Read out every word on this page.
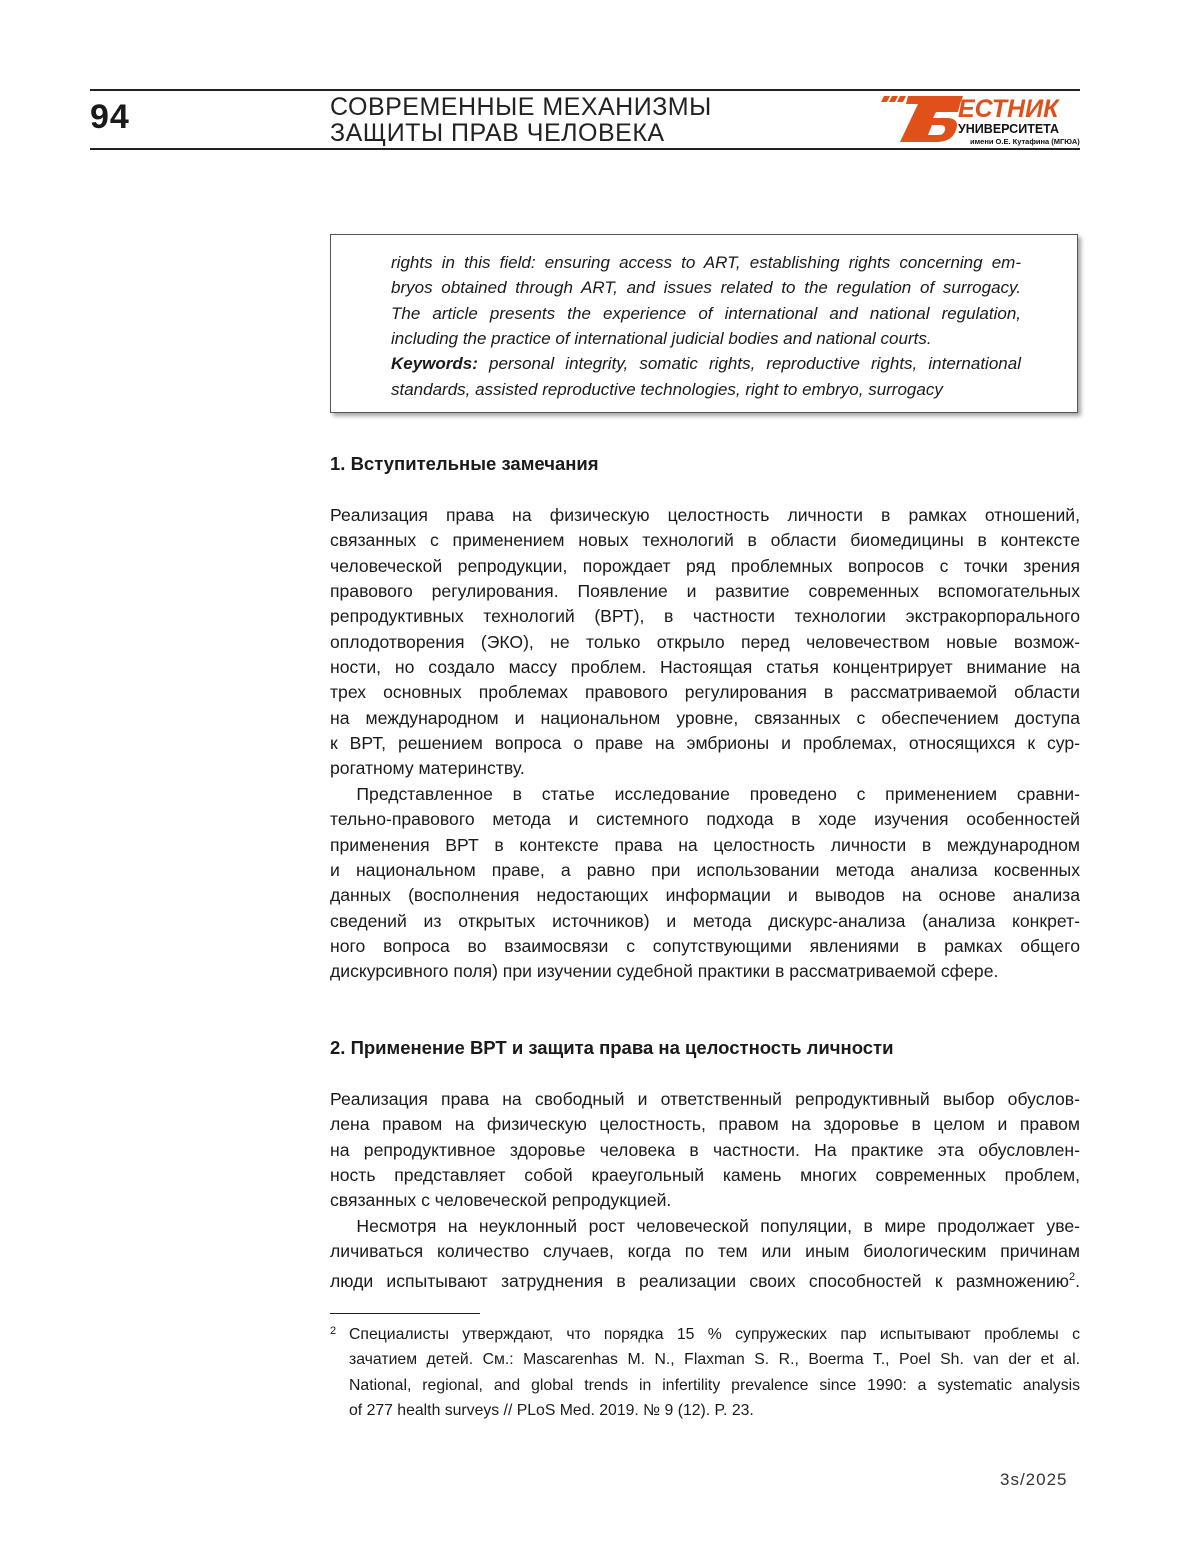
94	СОВРЕМЕННЫЕ МЕХАНИЗМЫ
ЗАЩИТЫ ПРАВ ЧЕЛОВЕКА
ЕСТНИК
УНИВЕРСИТЕТА
имени О.Е. Кутафина (МГЮА)
rights in this field: ensuring access to ART, establishing rights concerning em-
bryos obtained through ART, and issues related to the regulation of surrogacy.
The article presents the experience of international and national regulation,
including the practice of international judicial bodies and national courts.
Keywords: personal integrity, somatic rights, reproductive rights, international
standards, assisted reproductive technologies, right to embryo, surrogacy
1. Вступительные замечания
Реализация права на физическую целостность личности в рамках отношений,
связанных с применением новых технологий в области биомедицины в контексте
человеческой репродукции, порождает ряд проблемных вопросов с точки зрения
правового регулирования. Появление и развитие современных вспомогательных
репродуктивных технологий (ВРТ), в частности технологии экстракорпорального
оплодотворения (ЭКО), не только открыло перед человечеством новые возмож-
ности, но создало массу проблем. Настоящая статья концентрирует внимание на
трех основных проблемах правового регулирования в рассматриваемой области
на международном и национальном уровне, связанных с обеспечением доступа
к ВРТ, решением вопроса о праве на эмбрионы и проблемах, относящихся к сур-
рогатному материнству.
  Представленное в статье исследование проведено с применением сравни-
тельно-правового метода и системного подхода в ходе изучения особенностей
применения ВРТ в контексте права на целостность личности в международном
и национальном праве, а равно при использовании метода анализа косвенных
данных (восполнения недостающих информации и выводов на основе анализа
сведений из открытых источников) и метода дискурс-анализа (анализа конкрет-
ного вопроса во взаимосвязи с сопутствующими явлениями в рамках общего
дискурсивного поля) при изучении судебной практики в рассматриваемой сфере.
2. Применение ВРТ и защита права на целостность личности
Реализация права на свободный и ответственный репродуктивный выбор обуслов-
лена правом на физическую целостность, правом на здоровье в целом и правом
на репродуктивное здоровье человека в частности. На практике эта обусловлен-
ность представляет собой краеугольный камень многих современных проблем,
связанных с человеческой репродукцией.
  Несмотря на неуклонный рост человеческой популяции, в мире продолжает уве-
личиваться количество случаев, когда по тем или иным биологическим причинам
люди испытывают затруднения в реализации своих способностей к размножению$^2$.
2 Специалисты утверждают, что порядка 15 % супружеских пар испытывают проблемы с
зачатием детей. См.: Mascarenhas M. N., Flaxman S. R., Boerma T., Poel Sh. van der et al.
National, regional, and global trends in infertility prevalence since 1990: a systematic analysis
of 277 health surveys // PLoS Med. 2019. № 9 (12). P. 23.
3s/2025
